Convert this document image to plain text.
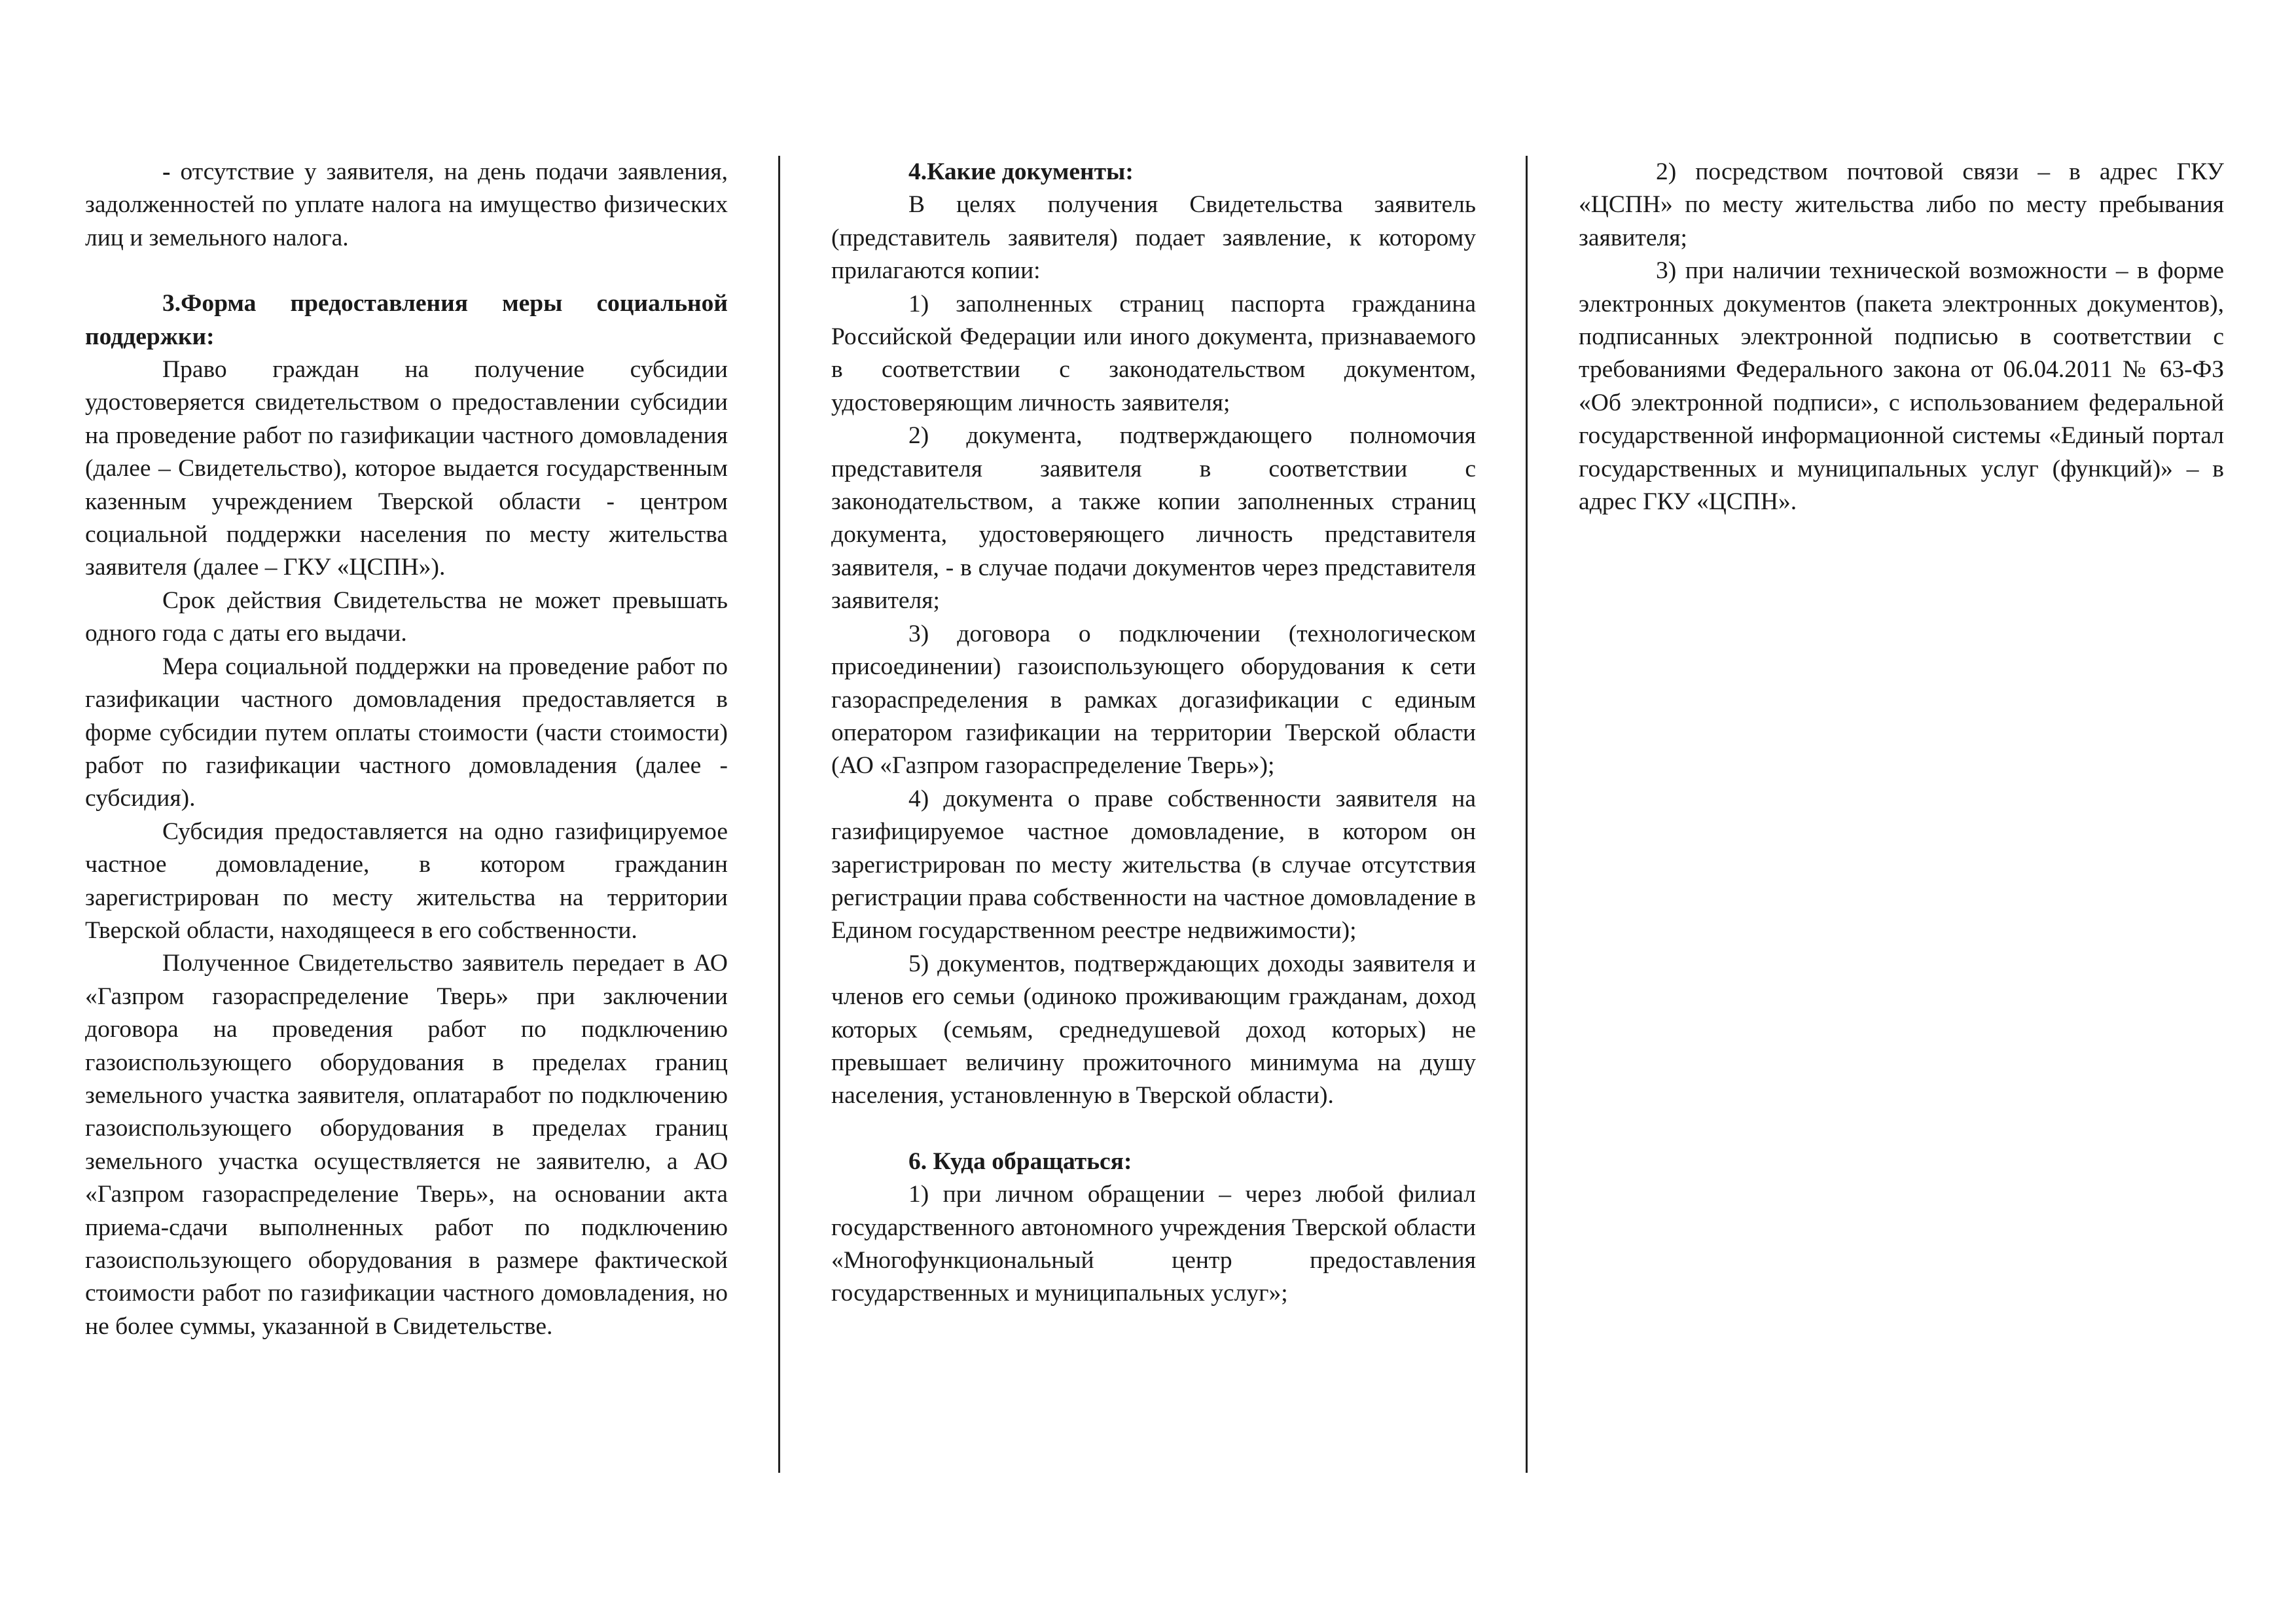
- отсутствие у заявителя, на день подачи заявления, задолженностей по уплате налога на имущество физических лиц и земельного налога.

3.Форма предоставления меры социальной поддержки:

Право граждан на получение субсидии удостоверяется свидетельством о предоставлении субсидии на проведение работ по газификации частного домовладения (далее – Свидетельство), которое выдается государственным казенным учреждением Тверской области - центром социальной поддержки населения по месту жительства заявителя (далее – ГКУ «ЦСПН»).

Срок действия Свидетельства не может превышать одного года с даты его выдачи.

Мера социальной поддержки на проведение работ по газификации частного домовладения предоставляется в форме субсидии путем оплаты стоимости (части стоимости) работ по газификации частного домовладения (далее - субсидия).

Субсидия предоставляется на одно газифицируемое частное домовладение, в котором гражданин зарегистрирован по месту жительства на территории Тверской области, находящееся в его собственности.

Полученное Свидетельство заявитель передает в АО «Газпром газораспределение Тверь» при заключении договора на проведения работ по подключению газоиспользующего оборудования в пределах границ земельного участка заявителя, оплатаработ по подключению газоиспользующего оборудования в пределах границ земельного участка осуществляется не заявителю, а АО «Газпром газораспределение Тверь», на основании акта приема-сдачи выполненных работ по подключению газоиспользующего оборудования в размере фактической стоимости работ по газификации частного домовладения, но не более суммы, указанной в Свидетельстве.

4.Какие документы:

В целях получения Свидетельства заявитель (представитель заявителя) подает заявление, к которому прилагаются копии:

1) заполненных страниц паспорта гражданина Российской Федерации или иного документа, признаваемого в соответствии с законодательством документом, удостоверяющим личность заявителя;

2) документа, подтверждающего полномочия представителя заявителя в соответствии с законодательством, а также копии заполненных страниц документа, удостоверяющего личность представителя заявителя, - в случае подачи документов через представителя заявителя;

3) договора о подключении (технологическом присоединении) газоиспользующего оборудования к сети газораспределения в рамках догазификации с единым оператором газификации на территории Тверской области (АО «Газпром газораспределение Тверь»);

4) документа о праве собственности заявителя на газифицируемое частное домовладение, в котором он зарегистрирован по месту жительства (в случае отсутствия регистрации права собственности на частное домовладение в Едином государственном реестре недвижимости);

5) документов, подтверждающих доходы заявителя и членов его семьи (одиноко проживающим гражданам, доход которых (семьям, среднедушевой доход которых) не превышает величину прожиточного минимума на душу населения, установленную в Тверской области).

6. Куда обращаться:

1) при личном обращении – через любой филиал государственного автономного учреждения Тверской области «Многофункциональный центр предоставления государственных и муниципальных услуг»;

2) посредством почтовой связи – в адрес ГКУ «ЦСПН» по месту жительства либо по месту пребывания заявителя;

3) при наличии технической возможности – в форме электронных документов (пакета электронных документов), подписанных электронной подписью в соответствии с требованиями Федерального закона от 06.04.2011 № 63-ФЗ «Об электронной подписи», с использованием федеральной государственной информационной системы «Единый портал государственных и муниципальных услуг (функций)» – в адрес ГКУ «ЦСПН».
